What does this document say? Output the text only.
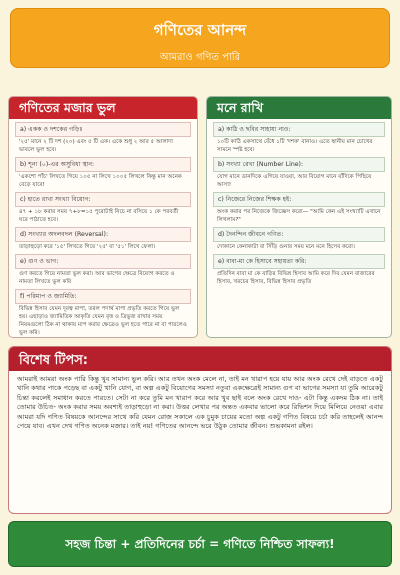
গণিতের আনন্দ
আমরাও গণিত পারি
গণিতের মজার ভুল
a) একক ও দশকের গড়িঃ
'২৫' মানে ২ টি দশ (২০) এবং ৫ টি এক। একে শুধু ২ আর ৫ আলাদা ভাবলে ভুল হবে।
b) শূন্য (০)-এর অসুবিধা স্থান:
'একশো পাঁচ' লিখতে গিয়ে ১০৫ না লিখে ১০০৫ লিখলে কিন্তু মান অনেক বেড়ে যাবে!
c) হাতে রাখা সংখ্যা বিয়োগ:
৪৭ + ১৮ করার সময় ৭+৮=১৫ পুরোটাই নিচে না বসিয়ে ১ কে পরবর্তী ঘরে পাঠাতে হবে।
d) সংখ্যার অদলবদল (Reversal):
তাড়াহুড়ো করে '১৫' লিখতে গিয়ে '২৫' বা '৫১' লিখে ফেলা।
e) গুণ ও ভাগ:
গুণ করতে গিয়ে নামতা ভুল করা। আর ভাগের ক্ষেত্রে বিয়োগ করতে ও নামতা লিখতে ভুল করি
f) পরিমাপ ও জ্যামিতি:
বিভিন্ন হিসাব যেমন দূরত্ব মাপা, তরল পদার্থ মাপা প্রভৃতি করতে গিয়ে ভুল হয়। এছাড়াও জ্যামিতিক আকৃতি যেমন বৃত্ত ও ত্রিভুজ রাখার সময় নিয়মগুলো ঠিক না থাকায় মাপ করার ক্ষেত্রেও ভুল হতে পারে না বা পারলেও ভুল করি।
মনে রাখি
a) কাঠি ও ছবির সাহায্য নাও:
১০টি কাঠি একসাথে বেঁধে ১টি 'দশক' বানাও। এতে স্থানীয় মান চোখের সামনে স্পষ্ট হবে।
b) সংখ্যা রেখা (Number Line):
যোগ মানে ডানদিকে এগিয়ে যাওয়া, আর বিয়োগ মানে বাঁদিকে পিছিয়ে আসা!
c) নিজেরে নিজের শিক্ষক হই:
অংক করার পর নিজেকে জিজ্ঞেস করো— "আমি কেন এই সংখ্যাটি এখানে লিখলাম?"
d) দৈনন্দিন জীবনে গণিত:
দোকানে কেনাকাটা বা সিঁড়ি গুনার সময় মনে মনে হিসেব করো।
e) বাবা-মা কে হিসাবে সহায়তা করি:
প্রতিদিন বাবা মা কে বাড়ির বিভিন্ন হিসাব আমি করে দিব যেমন বাজারের হিসাব, খরচের হিসাব, বিভিন্ন হিসাব প্রভৃতি
বিশেষ টিপস:
আমরাই আমরা অংক পারি কিন্তু খুব সামান্য ভুল করি। আর তখন অংক মেলে না, তাই মন খারাপ হয়ে যায় আর অংক রেখে দেই বাড়তে একটু খানি কথার পাকে পড়েছ বা একটু খানি যোগ, বা অল্প একটু বিয়োগের সমস্যা নতুবা একক্ষেত্রেই সামান্য গুণ বা ভাগের সমস্যা যা তুমি আরেকটু চিন্তা করলেই সমাধান করতে পারতে। সেটা না করে তুমি মন খারাপ করে আর খুব ছাই বলে অংক রেখে দাও- এটা কিন্তু একদম ঠিক না। তাই তোমার উচিত- অংক করার সময় অবশ্যই তাড়াহুড়ো না করা। উত্তর লেখার পর অন্তত একবার ভালো করে রিভিশন দিয়ে মিলিয়ে নেওয়া এবার আমরা যদি গণিত বিষয়কে আনন্দের সাথে করি যেমন রোজ সকালে এক চুমুক চায়ের মতো অল্প একটু গণিত বিষয়ে চর্চা করি তাহলেই আনন্দ পেয়ে যাব। এখন দেখ গণিত অনেক মজার। তাই নয়! গণিতের আনন্দে ভরে উঠুক তোমার জীবন। শুভকামনা রইল।
সহজ চিন্তা + প্রতিদিনের চর্চা = গণিতে নিশ্চিত সাফল্য!
